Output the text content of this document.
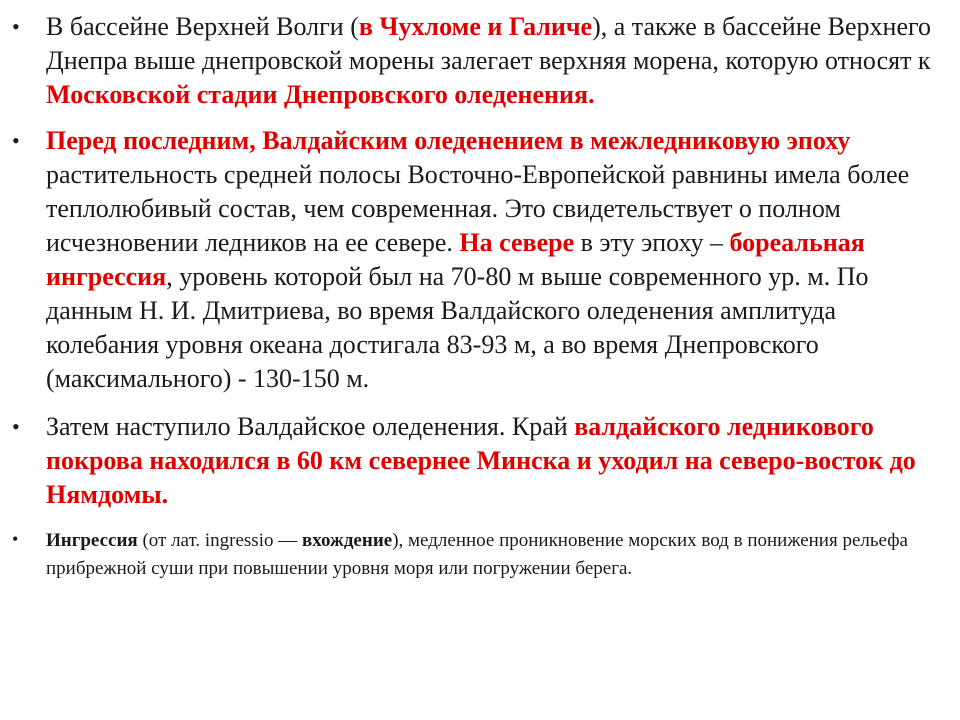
• В бассейне Верхней Волги (в Чухломе и Галиче), а также в бассейне Верхнего Днепра выше днепровской морены залегает верхняя морена, которую относят к Московской стадии Днепровского оледенения.
• Перед последним, Валдайским оледенением в межледниковую эпоху растительность средней полосы Восточно-Европейской равнины имела более теплолюбивый состав, чем современная. Это свидетельствует о полном исчезновении ледников на ее севере. На севере в эту эпоху – бореальная ингрессия, уровень которой был на 70-80 м выше современного ур. м. По данным Н. И. Дмитриева, во время Валдайского оледенения амплитуда колебания уровня океана достигала 83-93 м, а во время Днепровского (максимального) - 130-150 м.
• Затем наступило Валдайское оледенения. Край валдайского ледникового покрова находился в 60 км севернее Минска и уходил на северо-восток до Нямдомы.
• Ингрессия (от лат. ingressio — вхождение), медленное проникновение морских вод в понижения рельефа прибрежной суши при повышении уровня моря или погружении берега.
